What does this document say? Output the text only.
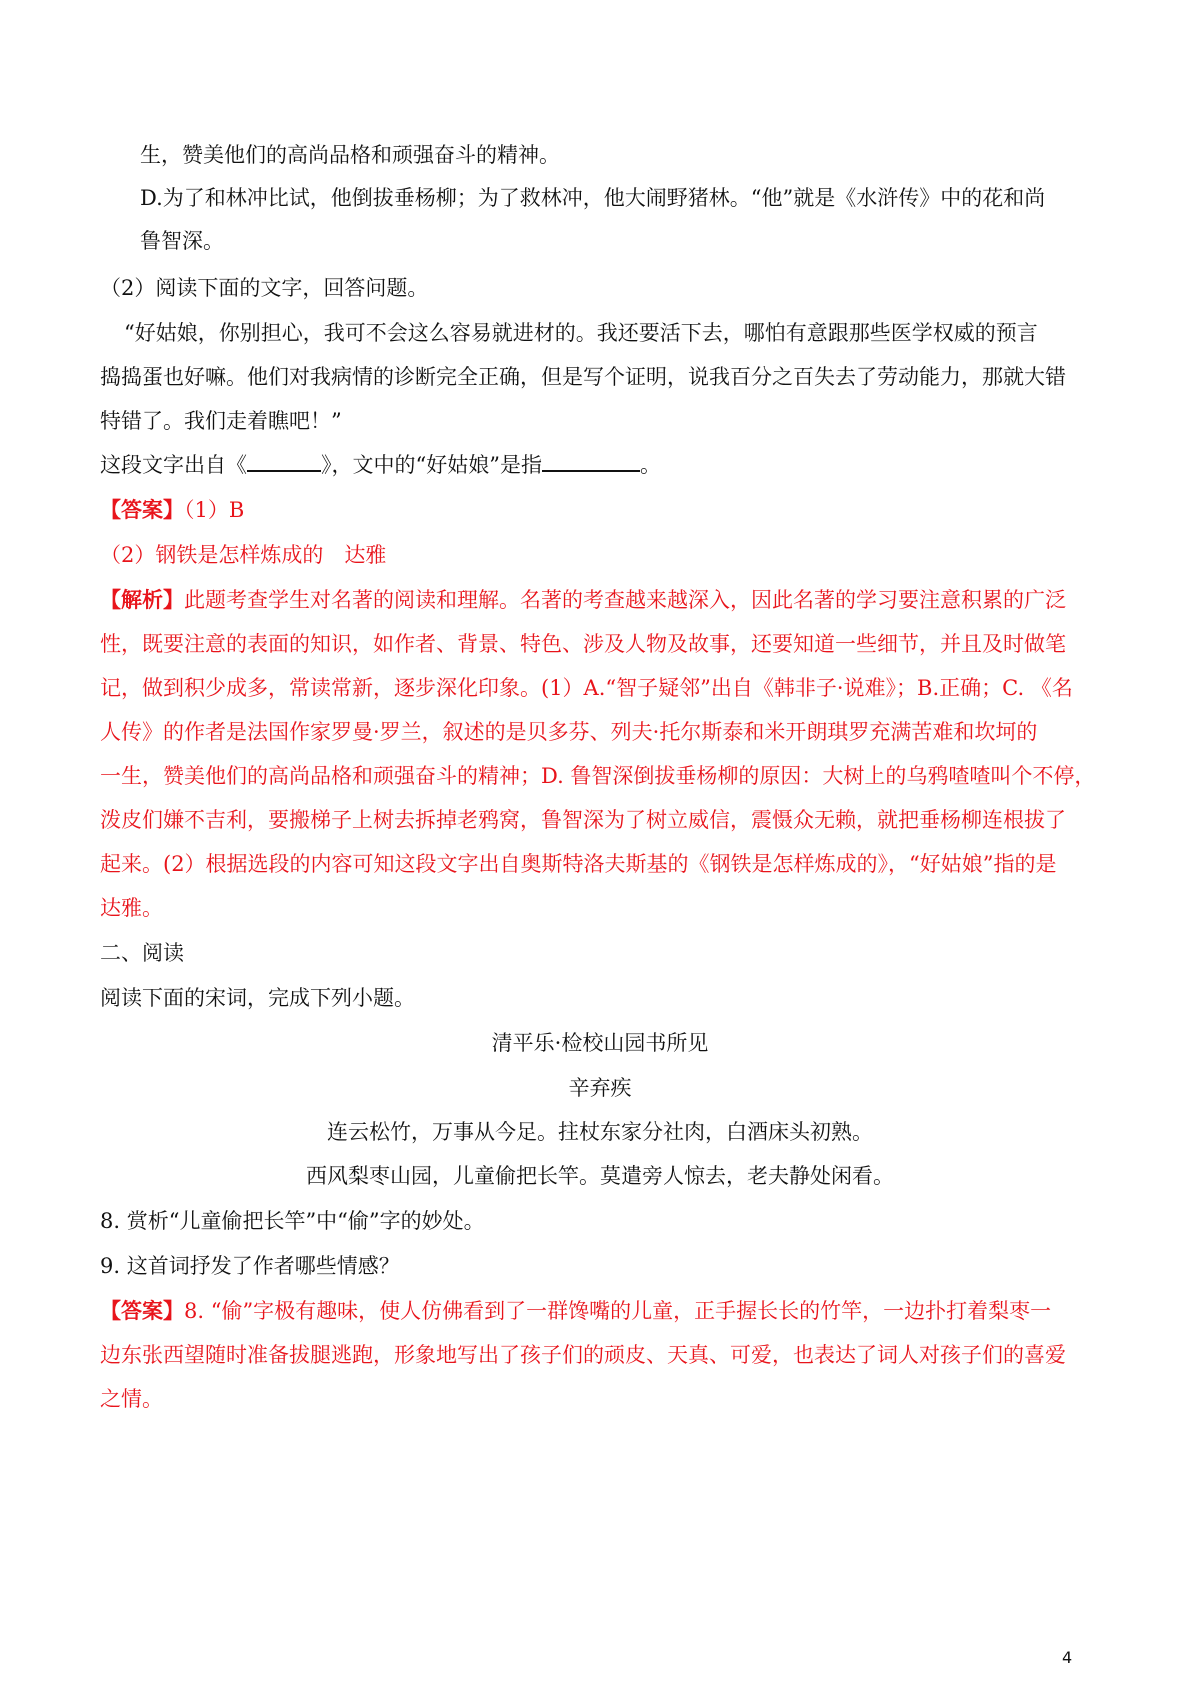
生，赞美他们的高尚品格和顽强奋斗的精神。
D.为了和林冲比试，他倒拔垂杨柳；为了救林冲，他大闹野猪林。“他”就是《水浒传》中的花和尚
鲁智深。
（2）阅读下面的文字，回答问题。
“好姑娘，你别担心，我可不会这么容易就进材的。我还要活下去，哪怕有意跟那些医学权威的预言
捣捣蛋也好嘛。他们对我病情的诊断完全正确，但是写个证明，说我百分之百失去了劳动能力，那就大错
特错了。我们走着瞧吧！”
这段文字出自《	》，文中的“好姑娘”是指	。
【答案】（1）B
（2）钢铁是怎样炼成的　达雅
【解析】此题考查学生对名著的阅读和理解。名著的考查越来越深入，因此名著的学习要注意积累的广泛
性，既要注意的表面的知识，如作者、背景、特色、涉及人物及故事，还要知道一些细节，并且及时做笔
记，做到积少成多，常读常新，逐步深化印象。(1）A.“智子疑邻”出自《韩非子·说难》；B.正确；C. 《名
人传》的作者是法国作家罗曼·罗兰，叙述的是贝多芬、列夫·托尔斯泰和米开朗琪罗充满苦难和坎坷的
一生，赞美他们的高尚品格和顽强奋斗的精神；D. 鲁智深倒拔垂杨柳的原因：大树上的乌鸦喳喳叫个不停，
泼皮们嫌不吉利，要搬梯子上树去拆掉老鸦窝，鲁智深为了树立威信，震慑众无赖，就把垂杨柳连根拔了
起来。(2）根据选段的内容可知这段文字出自奥斯特洛夫斯基的《钢铁是怎样炼成的》，“好姑娘”指的是
达雅。
二、阅读
阅读下面的宋词，完成下列小题。
清平乐·检校山园书所见
辛弃疾
连云松竹，万事从今足。拄杖东家分社肉，白酒床头初熟。
西风梨枣山园，儿童偷把长竿。莫遣旁人惊去，老夫静处闲看。
8. 赏析“儿童偷把长竿”中“偷”字的妙处。
9. 这首词抒发了作者哪些情感？
【答案】8. “偷”字极有趣味，使人仿佛看到了一群馋嘴的儿童，正手握长长的竹竿，一边扑打着梨枣一
边东张西望随时准备拔腿逃跑，形象地写出了孩子们的顽皮、天真、可爱，也表达了词人对孩子们的喜爱
之情。
4
